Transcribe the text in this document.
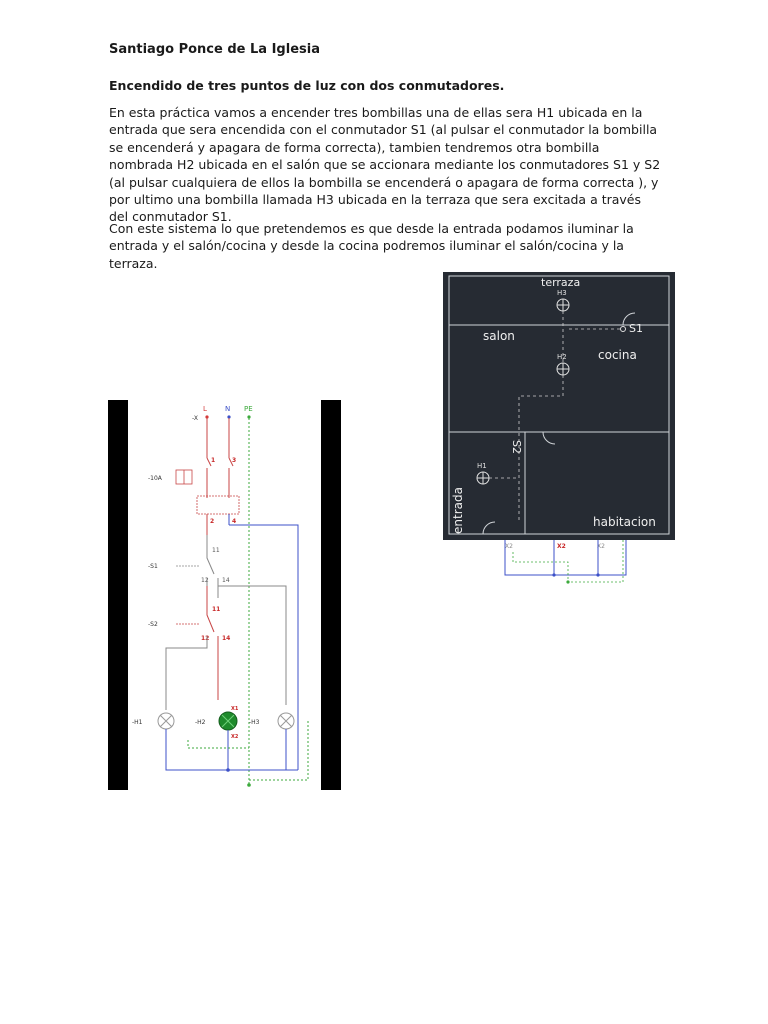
Santiago Ponce de La Iglesia
Encendido de tres puntos de luz con dos conmutadores.

En esta práctica vamos a encender tres bombillas una de ellas sera H1 ubicada en la entrada que sera encendida con el conmutador S1 (al pulsar el conmutador la bombilla se encenderá y apagara de forma correcta), tambien tendremos otra bombilla nombrada H2 ubicada en el salón que se accionara mediante los conmutadores S1 y S2 (al pulsar cualquiera de ellos la bombilla se encenderá o apagara de forma correcta ), y por ultimo una bombilla llamada H3 ubicada en la terraza que sera excitada a través del conmutador S1.

Con este sistema lo que pretendemos es que desde la entrada podamos iluminar la entrada y el salón/cocina y desde la cocina podremos iluminar el salón/cocina y la terraza.

L	N PE
-X
-10A
1	3
2	4
-S1
11
12 14
-S2
11
12 14
-H1	-H2	-H3
X1
X2
terraza
salon
cocina
entrada	habitacion
H3
H2
H1
S1
S2
X2	X2	X2
